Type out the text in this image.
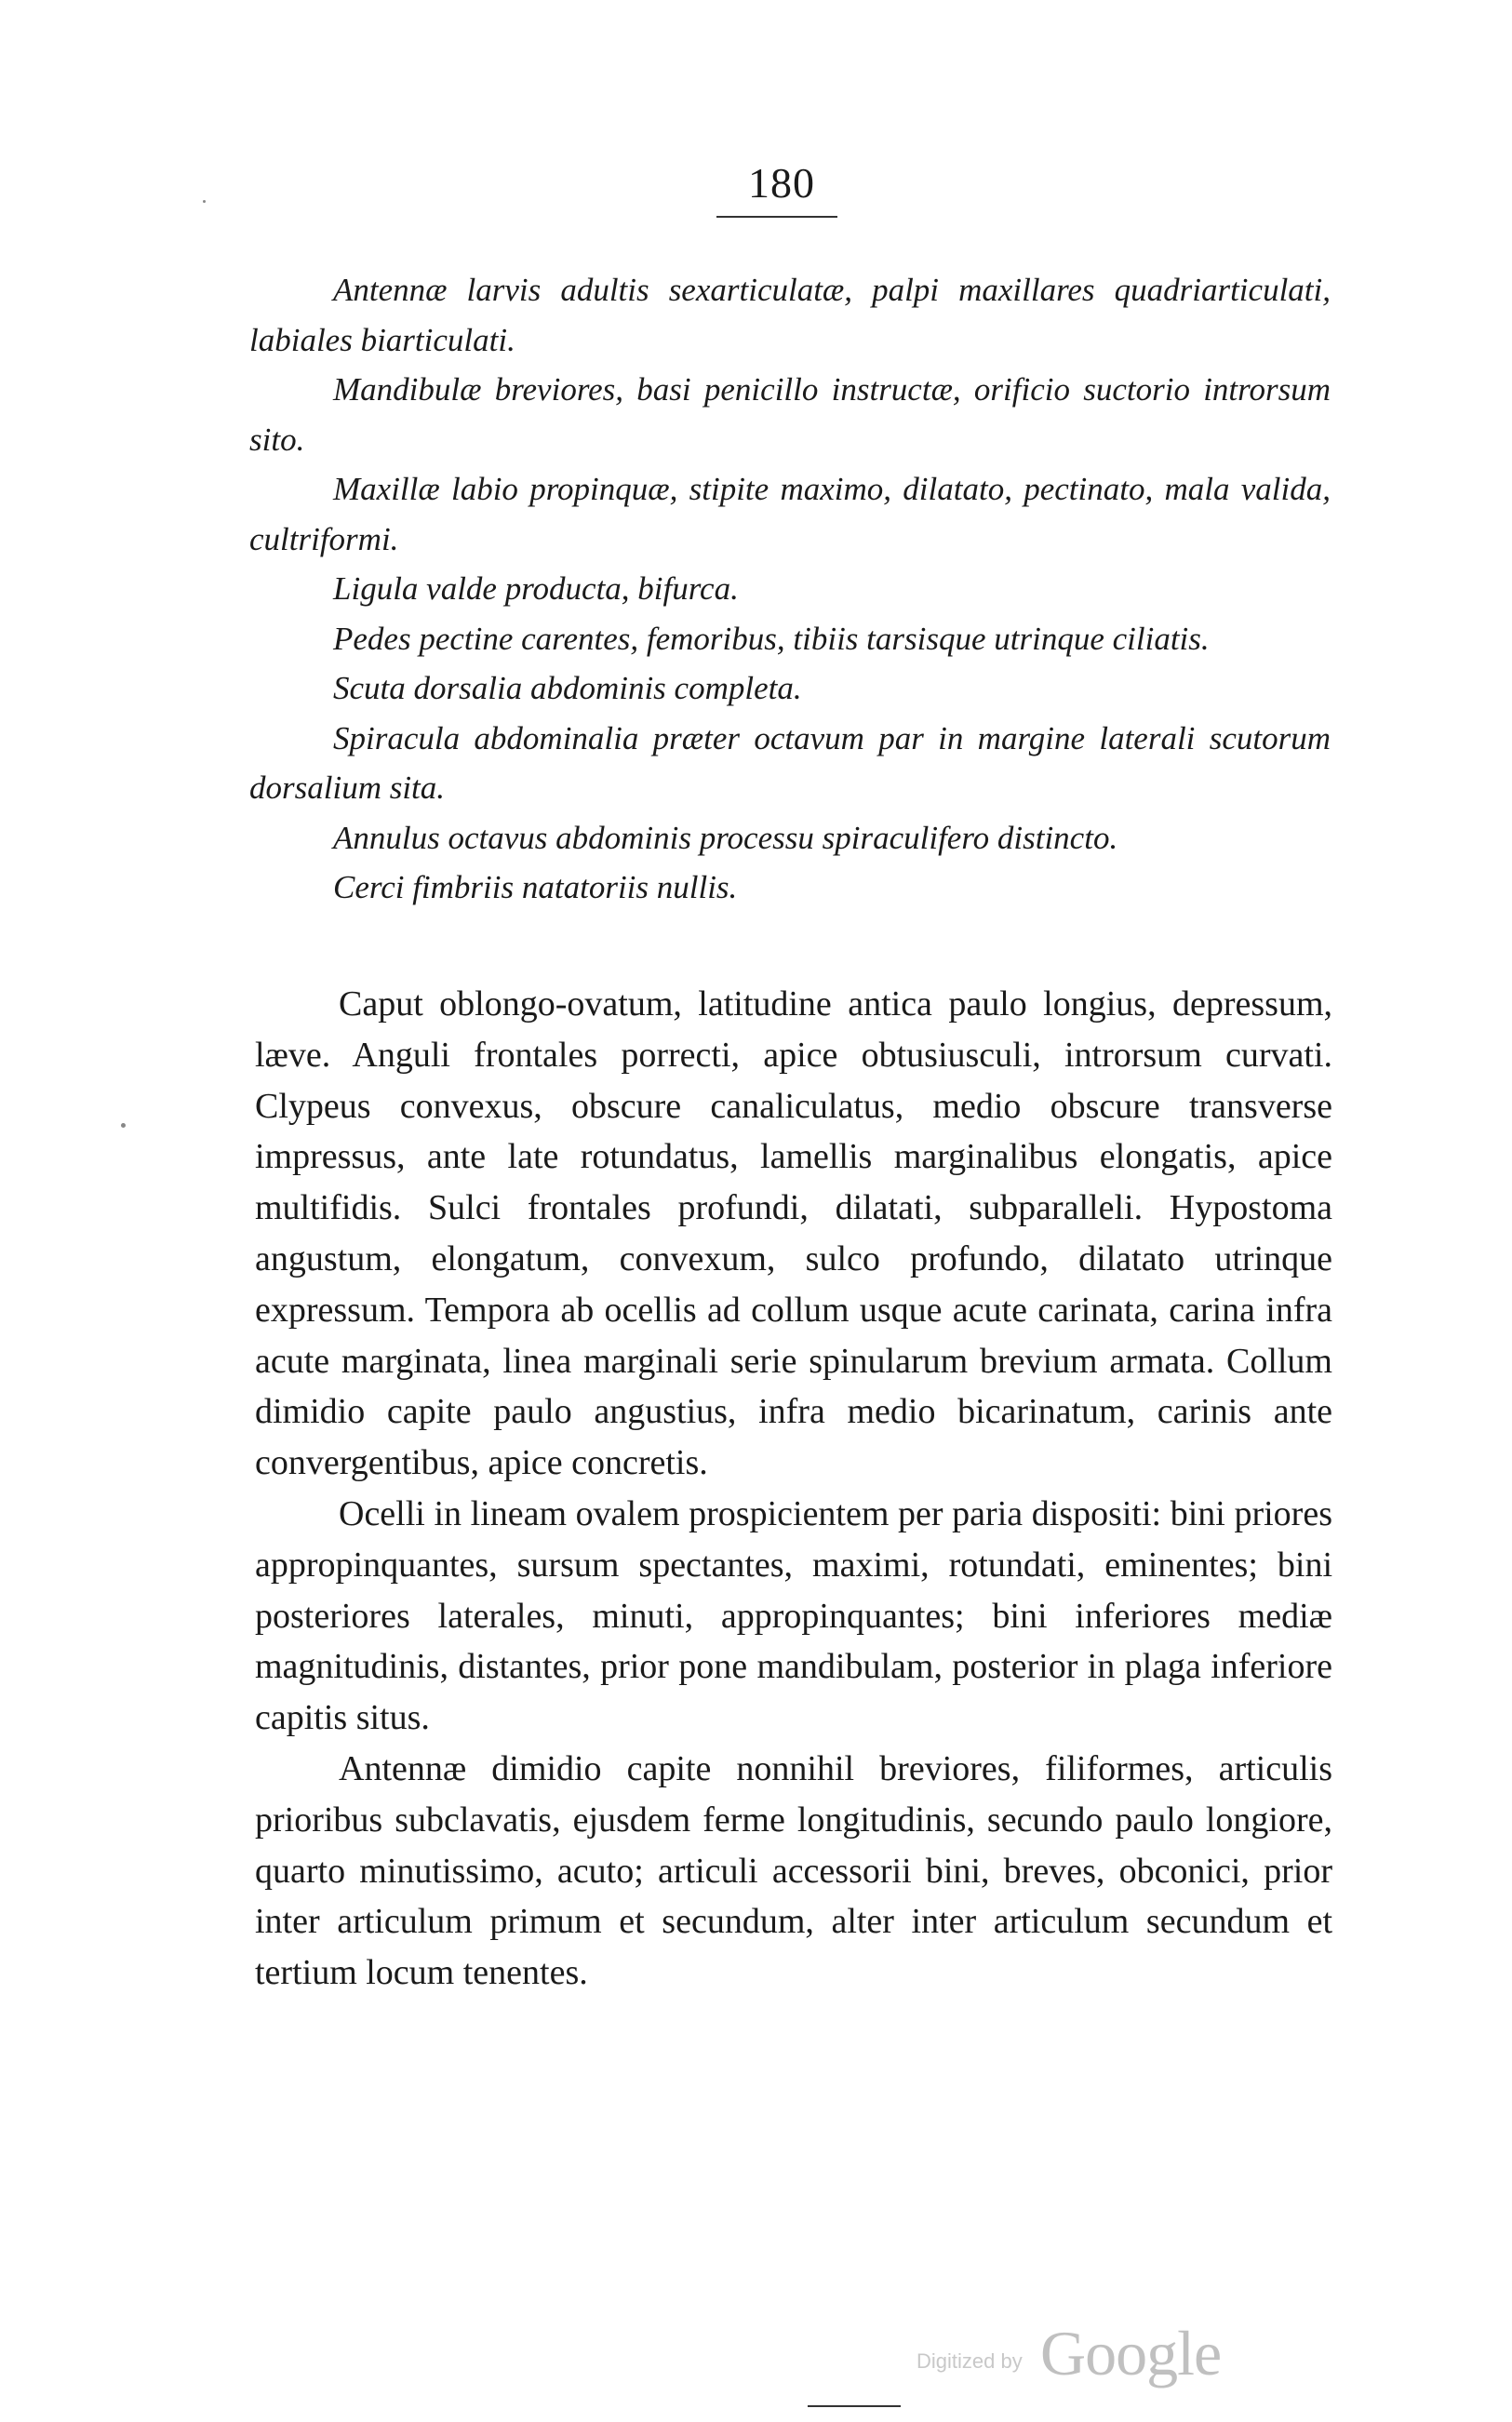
180

Antennæ larvis adultis sexarticulatæ, palpi maxillares quadriarticulati, labiales biarticulati.

Mandibulæ breviores, basi penicillo instructæ, orificio suctorio introrsum sito.

Maxillæ labio propinquæ, stipite maximo, dilatato, pectinato, mala valida, cultriformi.

Ligula valde producta, bifurca.

Pedes pectine carentes, femoribus, tibiis tarsisque utrinque ciliatis.

Scuta dorsalia abdominis completa.

Spiracula abdominalia præter octavum par in margine laterali scutorum dorsalium sita.

Annulus octavus abdominis processu spiraculifero distincto.

Cerci fimbriis natatoriis nullis.

Caput oblongo-ovatum, latitudine antica paulo longius, depressum, læve. Anguli frontales porrecti, apice obtusiusculi, introrsum curvati. Clypeus convexus, obscure canaliculatus, medio obscure transverse impressus, ante late rotundatus, lamellis marginalibus elongatis, apice multifidis. Sulci frontales profundi, dilatati, subparalleli. Hypostoma angustum, elongatum, convexum, sulco profundo, dilatato utrinque expressum. Tempora ab ocellis ad collum usque acute carinata, carina infra acute marginata, linea marginali serie spinularum brevium armata. Collum dimidio capite paulo angustius, infra medio bicarinatum, carinis ante convergentibus, apice concretis.

Ocelli in lineam ovalem prospicientem per paria dispositi: bini priores appropinquantes, sursum spectantes, maximi, rotundati, eminentes; bini posteriores laterales, minuti, appropinquantes; bini inferiores mediæ magnitudinis, distantes, prior pone mandibulam, posterior in plaga inferiore capitis situs.

Antennæ dimidio capite nonnihil breviores, filiformes, articulis prioribus subclavatis, ejusdem ferme longitudinis, secundo paulo longiore, quarto minutissimo, acuto; articuli accessorii bini, breves, obconici, prior inter articulum primum et secundum, alter inter articulum secundum et tertium locum tenentes.

Digitized by Google
